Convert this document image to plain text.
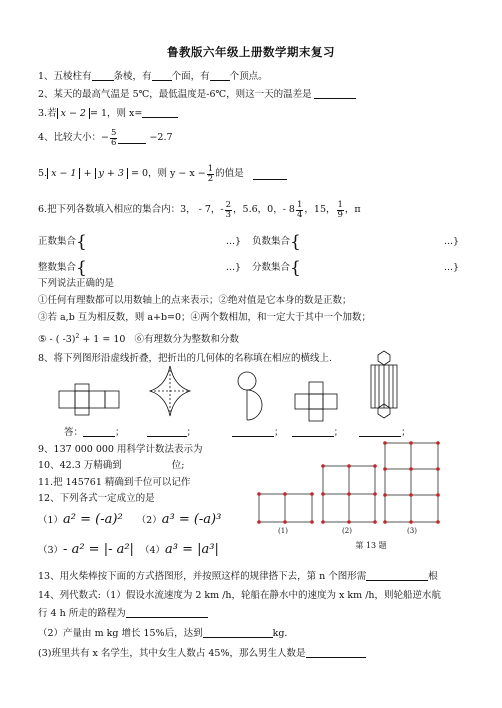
鲁教版六年级上册数学期末复习
1、五棱柱有 条棱，有 个面，有 个顶点。
2、某天的最高气温是 5℃，最低温度是-6℃，则这一天的温差是
3.若 x − 2 = 1，则 x=
4、比较大小：− $\frac{5}{6}$	−2.7
5. x − 1 + y + 3 = 0，则 $y - x - \frac{1}{2}$ 的值是
6.把下列各数填入相应的集合内：3， - 7，- $\frac{2}{3}$ ，5.6，0，- $8 \frac{1}{4}$ ，15， $\frac{1}{9}$ ，π
正数集合{	...} 负数集合{	...}
整数集合{	...} 分数集合{	...}
下列说法正确的是
①任何有理数都可以用数轴上的点来表示；②绝对值是它本身的数是正数；
③若 a,b 互为相反数，则 a+b=0；④两个数相加，和一定大于其中一个加数；
⑤ - ( -3)$^2$ + 1 = 10 ⑥有理数分为整数和分数
8、将下列图形沿虚线折叠，把折出的几何体的名称填在相应的横线上.
答：	；	；	；	；	；
9、137 000 000 用科学计数法表示为
10、42.3 万精确到	位;
11.把 145761 精确到千位可以记作
12、下列各式一定成立的是
（1）a² = (-a)² （2）a³ = (-a)³
（3）- a² = |- a²| （4）a³ = |a³|
(1)	(2)	(3)
第 13 题
13、用火柴棒按下面的方式搭图形，并按照这样的规律搭下去，第 n 个图形需	根
14、列代数式:（1）假设水流速度为 2 km /h，轮船在静水中的速度为 x km /h，则轮船逆水航
行 4 h 所走的路程为
（2）产量由 m kg 增长 15%后，达到	kg.
(3)班里共有 x 名学生，其中女生人数占 45%，那么男生人数是
